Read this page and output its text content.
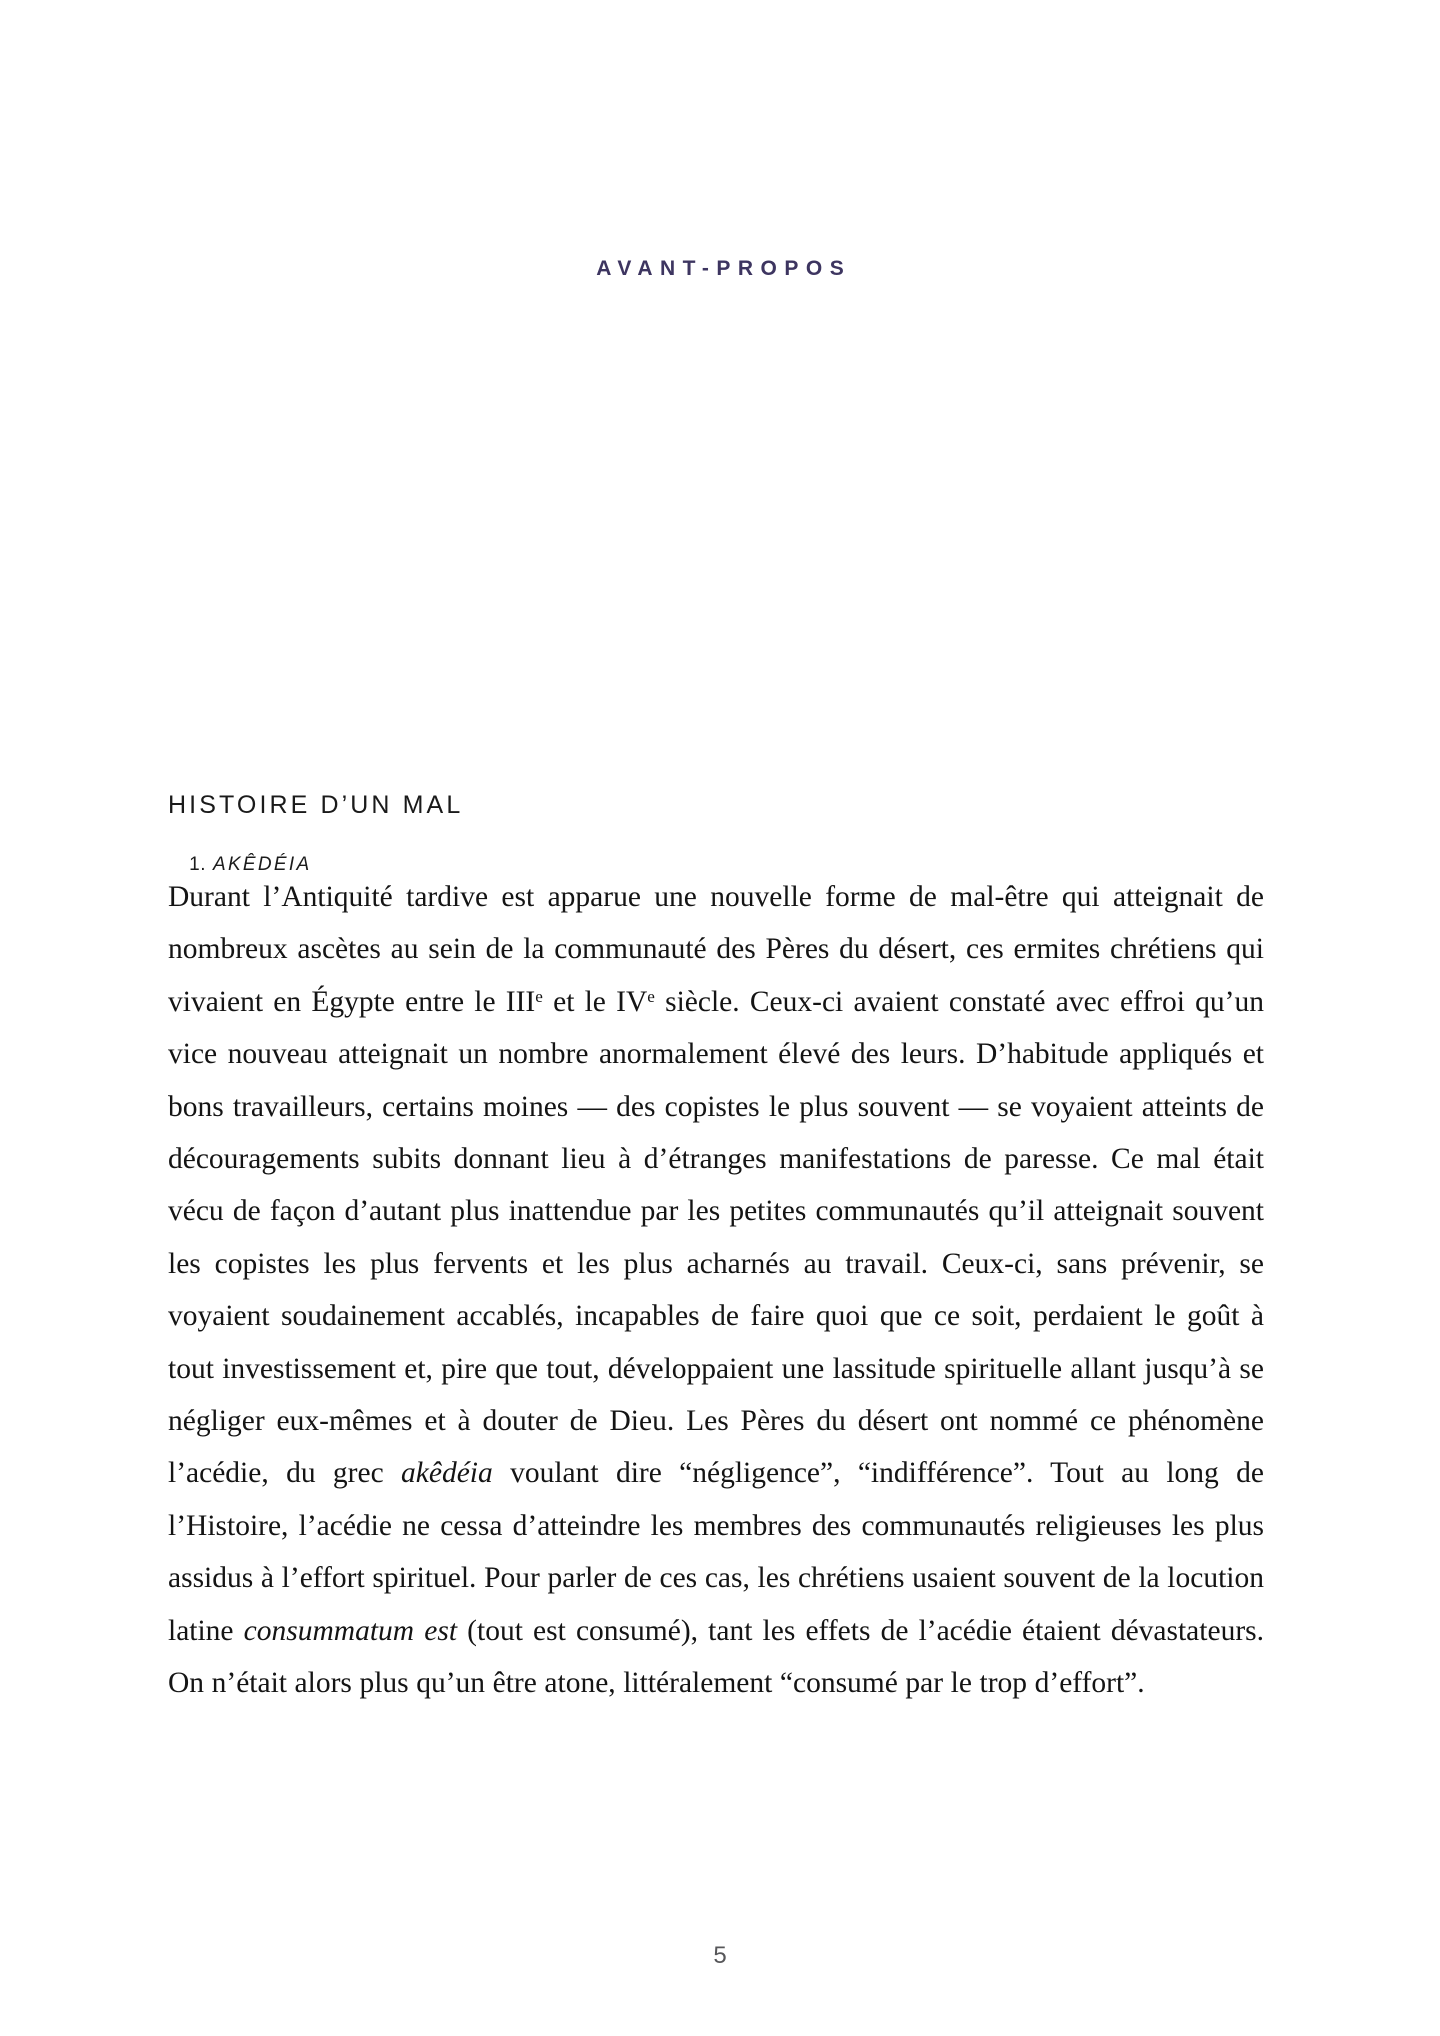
AVANT-PROPOS
HISTOIRE D’UN MAL

1. AKÊDÉIA

Durant l’Antiquité tardive est apparue une nouvelle forme de mal-être qui atteignait de nombreux ascètes au sein de la communauté des Pères du désert, ces ermites chrétiens qui vivaient en Égypte entre le IIIe et le IVe siècle. Ceux-ci avaient constaté avec effroi qu’un vice nouveau atteignait un nombre anormalement élevé des leurs. D’habitude appliqués et bons travailleurs, certains moines — des copistes le plus souvent — se voyaient atteints de découragements subits donnant lieu à d’étranges manifestations de paresse. Ce mal était vécu de façon d’autant plus inattendue par les petites communautés qu’il atteignait souvent les copistes les plus fervents et les plus acharnés au travail. Ceux-ci, sans prévenir, se voyaient soudainement accablés, incapables de faire quoi que ce soit, perdaient le goût à tout investissement et, pire que tout, développaient une lassitude spirituelle allant jusqu’à se négliger eux-mêmes et à douter de Dieu. Les Pères du désert ont nommé ce phénomène l’acédie, du grec akêdéia voulant dire “négligence”, “indifférence”. Tout au long de l’Histoire, l’acédie ne cessa d’atteindre les membres des communautés religieuses les plus assidus à l’effort spirituel. Pour parler de ces cas, les chrétiens usaient souvent de la locution latine consummatum est (tout est consumé), tant les effets de l’acédie étaient dévastateurs. On n’était alors plus qu’un être atone, littéralement “consumé par le trop d’effort”.

5
